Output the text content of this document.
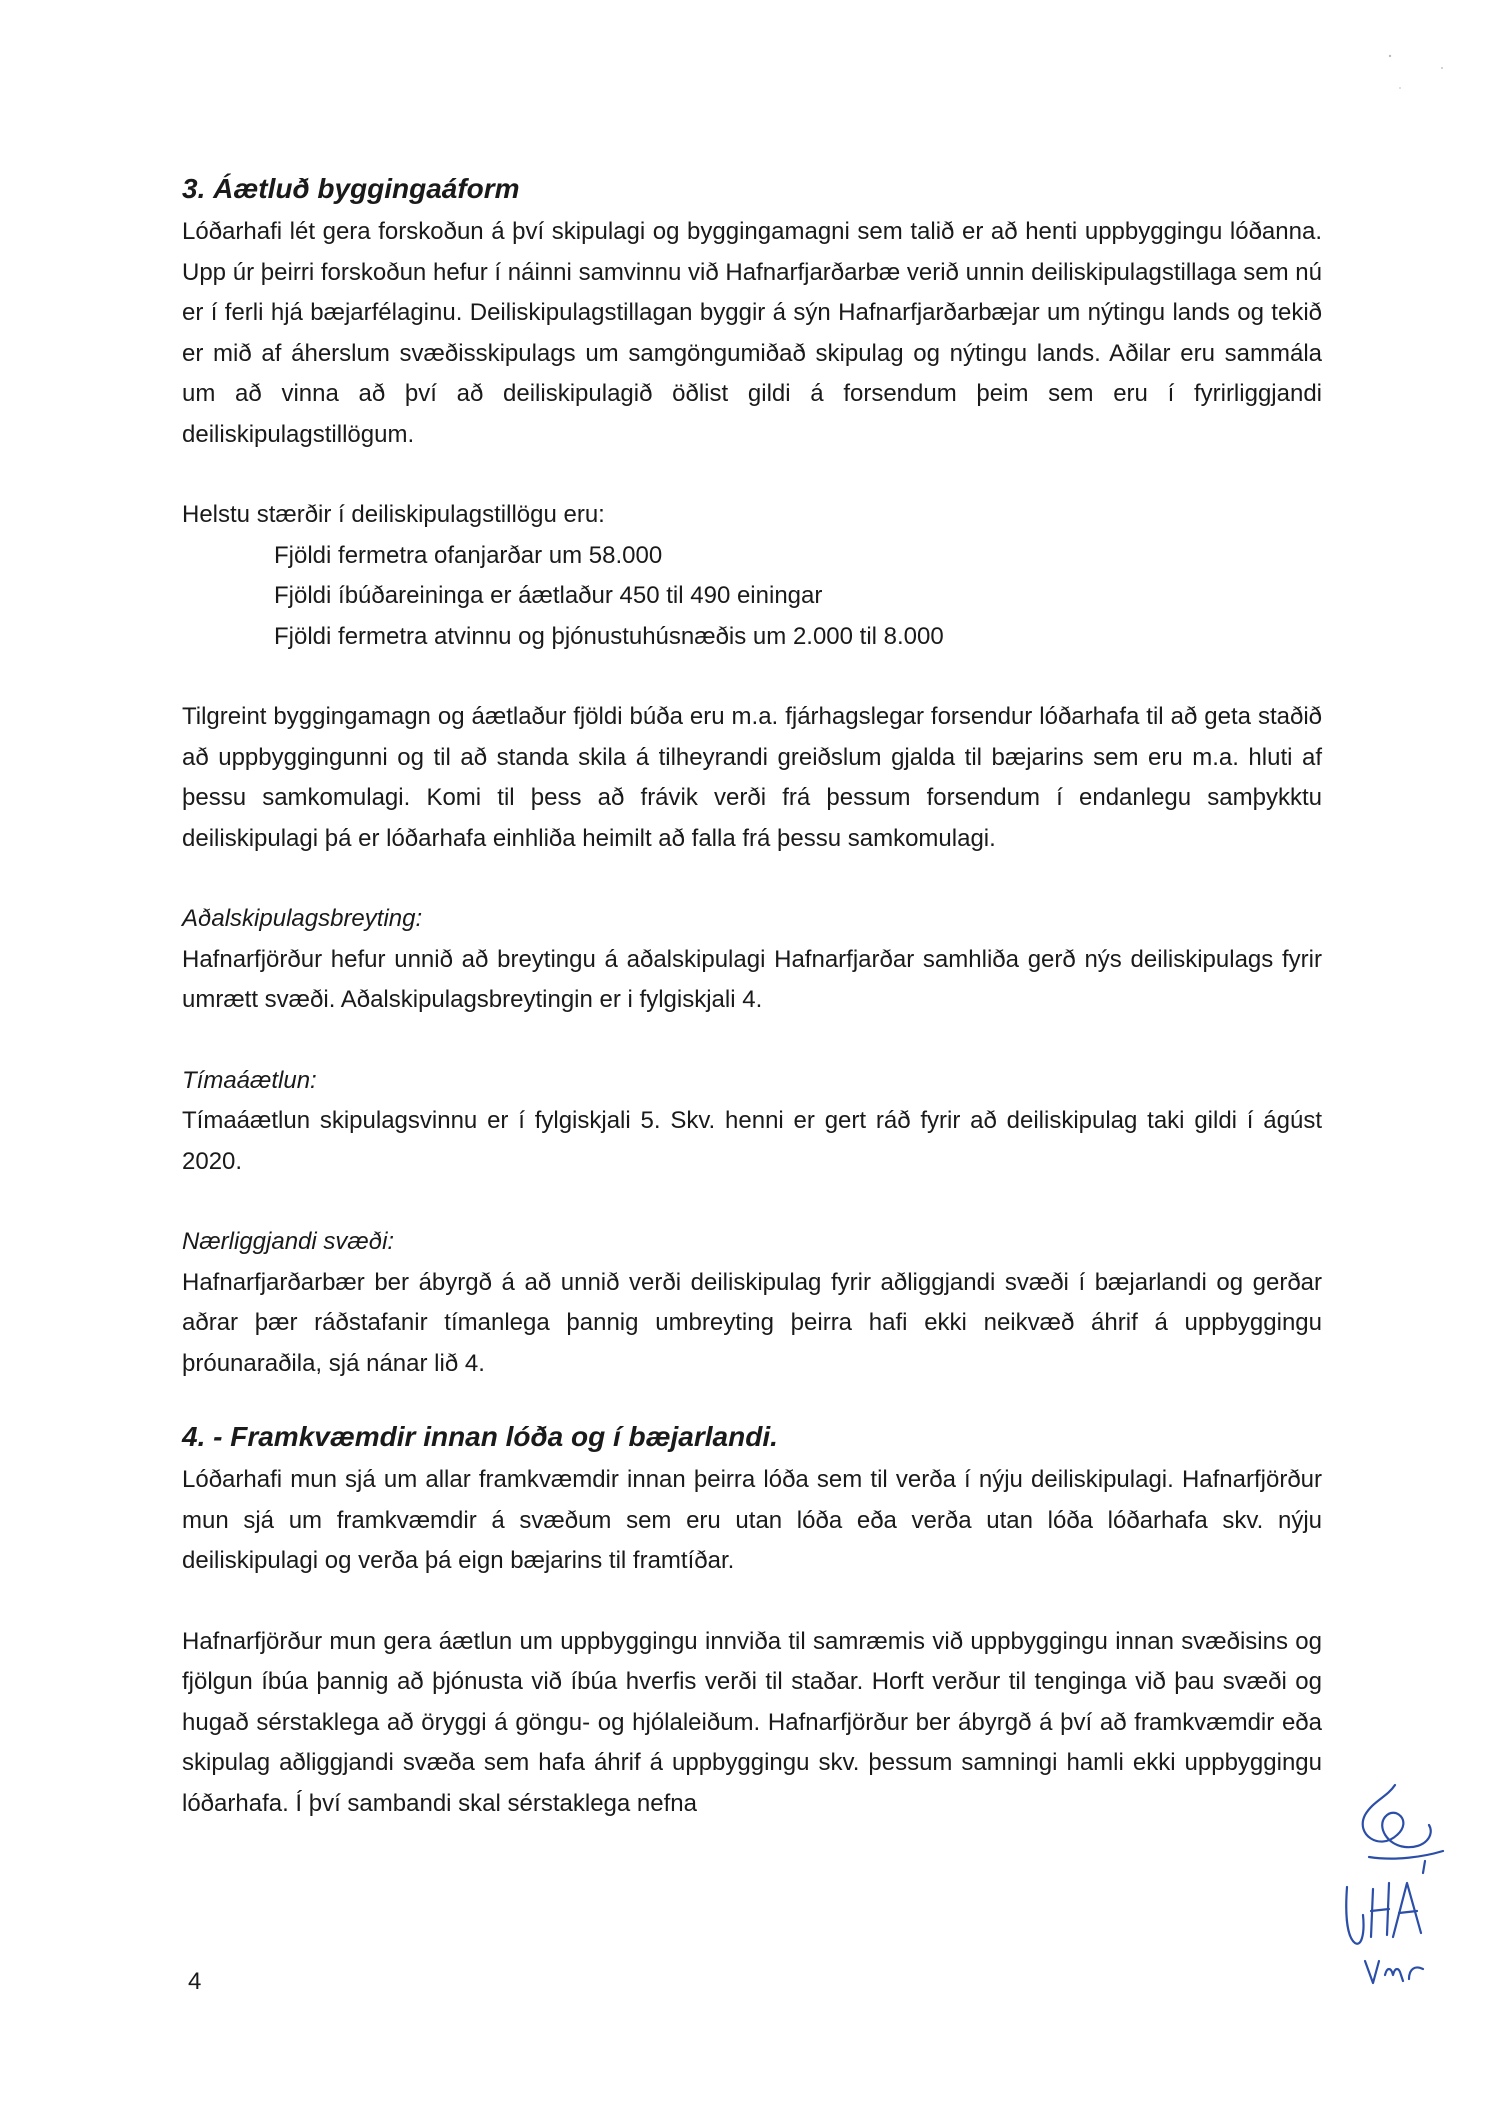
3. Áætluð byggingaáform

Lóðarhafi lét gera forskoðun á því skipulagi og byggingamagni sem talið er að henti uppbyggingu lóðanna. Upp úr þeirri forskoðun hefur í náinni samvinnu við Hafnarfjarðarbæ verið unnin deiliskipulagstillaga sem nú er í ferli hjá bæjarfélaginu. Deiliskipulagstillagan byggir á sýn Hafnarfjarðarbæjar um nýtingu lands og tekið er mið af áherslum svæðisskipulags um samgöngumiðað skipulag og nýtingu lands. Aðilar eru sammála um að vinna að því að deiliskipulagið öðlist gildi á forsendum þeim sem eru í fyrirliggjandi deiliskipulagstillögum.

Helstu stærðir í deiliskipulagstillögu eru:

Fjöldi fermetra ofanjarðar um 58.000
Fjöldi íbúðareininga er áætlaður 450 til 490 einingar
Fjöldi fermetra atvinnu og þjónustuhúsnæðis um 2.000 til 8.000

Tilgreint byggingamagn og áætlaður fjöldi búða eru m.a. fjárhagslegar forsendur lóðarhafa til að geta staðið að uppbyggingunni og til að standa skila á tilheyrandi greiðslum gjalda til bæjarins sem eru m.a. hluti af þessu samkomulagi. Komi til þess að frávik verði frá þessum forsendum í endanlegu samþykktu deiliskipulagi þá er lóðarhafa einhliða heimilt að falla frá þessu samkomulagi.

Aðalskipulagsbreyting:

Hafnarfjörður hefur unnið að breytingu á aðalskipulagi Hafnarfjarðar samhliða gerð nýs deiliskipulags fyrir umrætt svæði. Aðalskipulagsbreytingin er i fylgiskjali 4.

Tímaáætlun:

Tímaáætlun skipulagsvinnu er í fylgiskjali 5. Skv. henni er gert ráð fyrir að deiliskipulag taki gildi í ágúst 2020.

Nærliggjandi svæði:

Hafnarfjarðarbær ber ábyrgð á að unnið verði deiliskipulag fyrir aðliggjandi svæði í bæjarlandi og gerðar aðrar þær ráðstafanir tímanlega þannig umbreyting þeirra hafi ekki neikvæð áhrif á uppbyggingu þróunaraðila, sjá nánar lið 4.

4. - Framkvæmdir innan lóða og í bæjarlandi.

Lóðarhafi mun sjá um allar framkvæmdir innan þeirra lóða sem til verða í nýju deiliskipulagi. Hafnarfjörður mun sjá um framkvæmdir á svæðum sem eru utan lóða eða verða utan lóða lóðarhafa skv. nýju deiliskipulagi og verða þá eign bæjarins til framtíðar.

Hafnarfjörður mun gera áætlun um uppbyggingu innviða til samræmis við uppbyggingu innan svæðisins og fjölgun íbúa þannig að þjónusta við íbúa hverfis verði til staðar. Horft verður til tenginga við þau svæði og hugað sérstaklega að öryggi á göngu- og hjólaleiðum. Hafnarfjörður ber ábyrgð á því að framkvæmdir eða skipulag aðliggjandi svæða sem hafa áhrif á uppbyggingu skv. þessum samningi hamli ekki uppbyggingu lóðarhafa. Í því sambandi skal sérstaklega nefna

4
